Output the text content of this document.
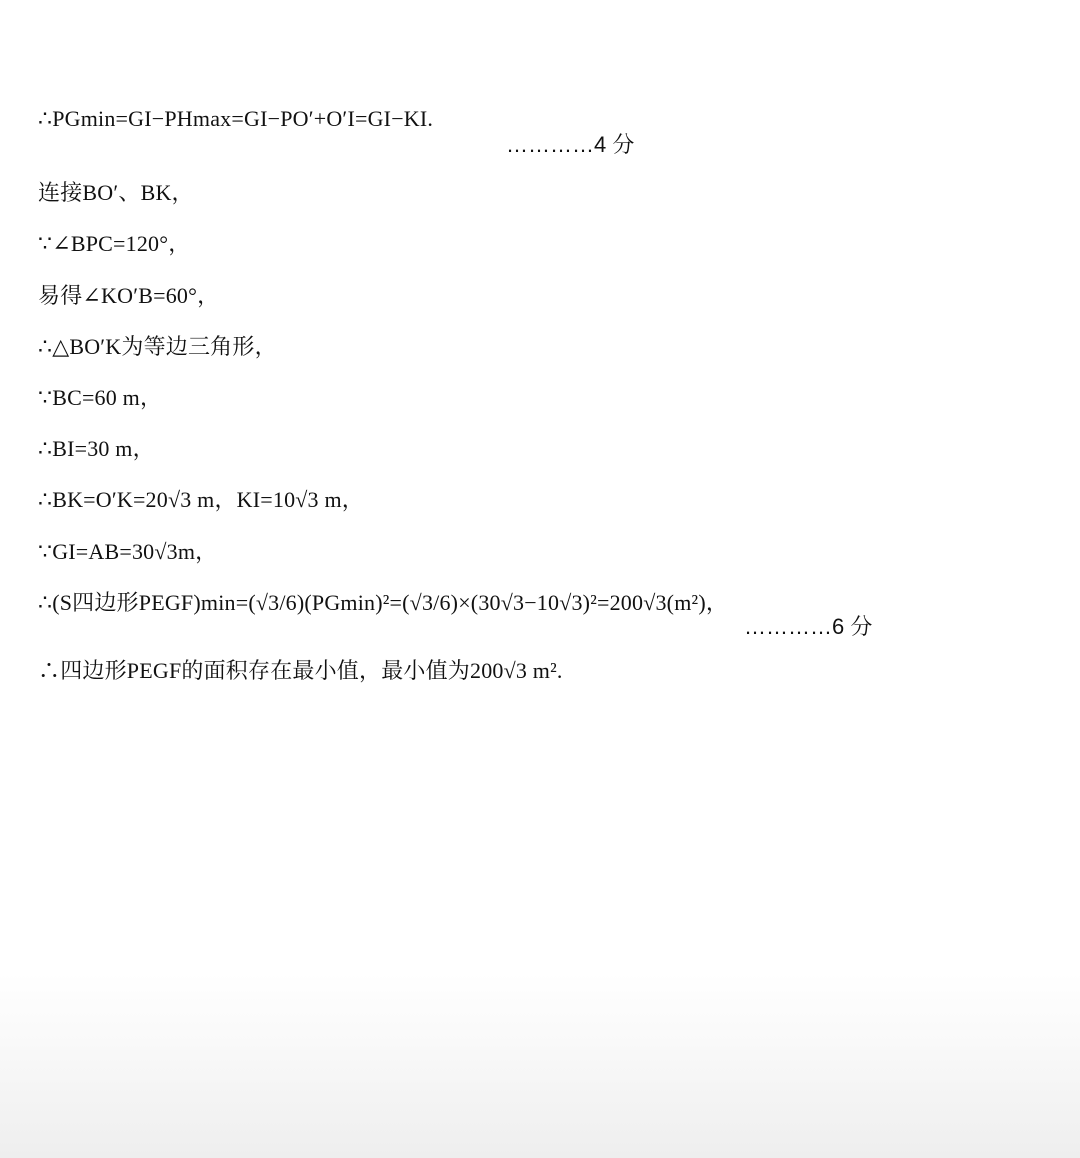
∴PGmin=GI−PHmax=GI−PO′+O′I=GI−KI.
…………4 分
连接BO′、BK，
∵∠BPC=120°，
易得∠KO′B=60°，
∴△BO′K为等边三角形，
∵BC=60 m，
∴BI=30 m，
∴BK=O′K=20√3 m，KI=10√3 m，
∵GI=AB=30√3m，
∴(S四边形PEGF)min=(√3/6)(PGmin)²=(√3/6)×(30√3−10√3)²=200√3(m²)，
…………6 分
∴四边形PEGF的面积存在最小值，最小值为200√3 m².
